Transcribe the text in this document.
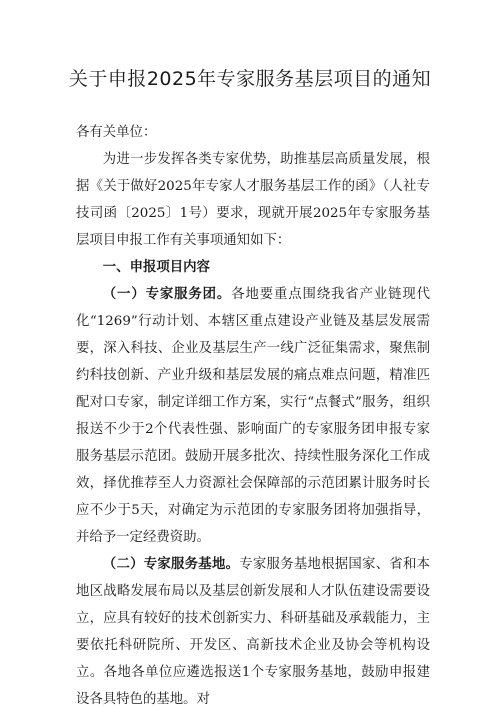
关于申报2025年专家服务基层项目的通知

各有关单位：

为进一步发挥各类专家优势，助推基层高质量发展，根据《关于做好2025年专家人才服务基层工作的函》（人社专技司函〔2025〕1号）要求，现就开展2025年专家服务基层项目申报工作有关事项通知如下：

一、申报项目内容

（一）专家服务团。各地要重点围绕我省产业链现代化“1269”行动计划、本辖区重点建设产业链及基层发展需要，深入科技、企业及基层生产一线广泛征集需求，聚焦制约科技创新、产业升级和基层发展的痛点难点问题，精准匹配对口专家，制定详细工作方案，实行“点餐式”服务，组织报送不少于2个代表性强、影响面广的专家服务团申报专家服务基层示范团。鼓励开展多批次、持续性服务深化工作成效，择优推荐至人力资源社会保障部的示范团累计服务时长应不少于5天，对确定为示范团的专家服务团将加强指导，并给予一定经费资助。

（二）专家服务基地。专家服务基地根据国家、省和本地区战略发展布局以及基层创新发展和人才队伍建设需要设立，应具有较好的技术创新实力、科研基础及承载能力，主要依托科研院所、开发区、高新技术企业及协会等机构设立。各地各单位应遴选报送1个专家服务基地，鼓励申报建设各具特色的基地。对
